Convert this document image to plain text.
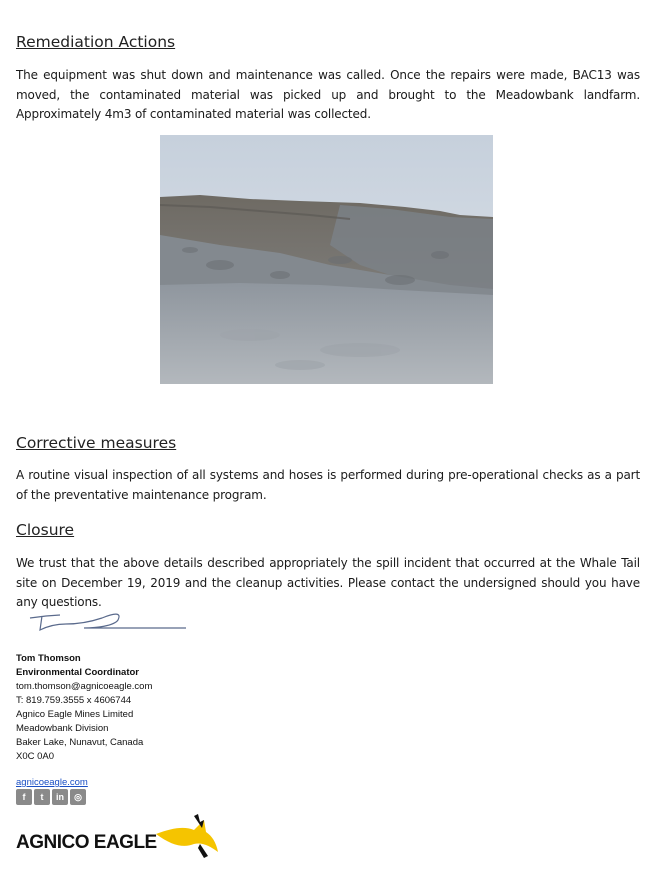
Remediation Actions

The equipment was shut down and maintenance was called. Once the repairs were made, BAC13 was moved, the contaminated material was picked up and brought to the Meadowbank landfarm. Approximately 4m3 of contaminated material was collected.

Corrective measures

A routine visual inspection of all systems and hoses is performed during pre-operational checks as a part of the preventative maintenance program.

Closure

We trust that the above details described appropriately the spill incident that occurred at the Whale Tail site on December 19, 2019 and the cleanup activities. Please contact the undersigned should you have any questions.

Tom Thomson
Environmental Coordinator
tom.thomson@agnicoeagle.com
T: 819.759.3555 x 4606744
Agnico Eagle Mines Limited
Meadowbank Division
Baker Lake, Nunavut, Canada
X0C 0A0
agnicoeagle.com
f	t	in	◎
AGNICO EAGLE
